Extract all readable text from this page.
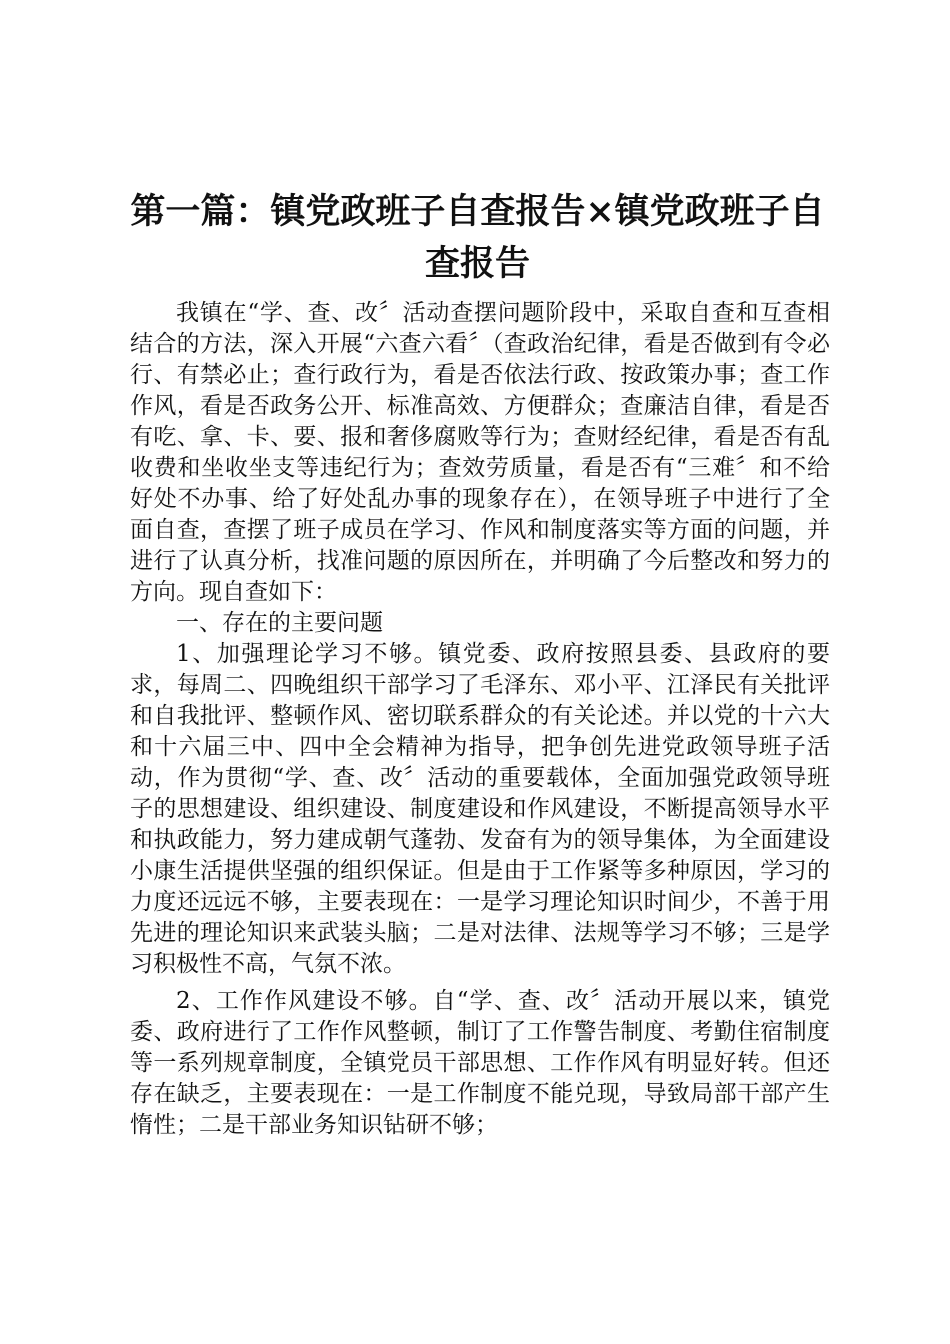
第一篇：镇党政班子自查报告×镇党政班子自查报告

我镇在“学、查、改〞活动查摆问题阶段中，采取自查和互查相结合的方法，深入开展“六查六看〞（查政治纪律，看是否做到有令必行、有禁必止；查行政行为，看是否依法行政、按政策办事；查工作作风，看是否政务公开、标准高效、方便群众；查廉洁自律，看是否有吃、拿、卡、要、报和奢侈腐败等行为；查财经纪律，看是否有乱收费和坐收坐支等违纪行为；查效劳质量，看是否有“三难〞和不给好处不办事、给了好处乱办事的现象存在），在领导班子中进行了全面自查，查摆了班子成员在学习、作风和制度落实等方面的问题，并进行了认真分析，找准问题的原因所在，并明确了今后整改和努力的方向。现自查如下：

一、存在的主要问题

1、加强理论学习不够。镇党委、政府按照县委、县政府的要求，每周二、四晚组织干部学习了毛泽东、邓小平、江泽民有关批评和自我批评、整顿作风、密切联系群众的有关论述。并以党的十六大和十六届三中、四中全会精神为指导，把争创先进党政领导班子活动，作为贯彻“学、查、改〞活动的重要载体，全面加强党政领导班子的思想建设、组织建设、制度建设和作风建设，不断提高领导水平和执政能力，努力建成朝气蓬勃、发奋有为的领导集体，为全面建设小康生活提供坚强的组织保证。但是由于工作紧等多种原因，学习的力度还远远不够，主要表现在：一是学习理论知识时间少，不善于用先进的理论知识来武装头脑；二是对法律、法规等学习不够；三是学习积极性不高，气氛不浓。

2、工作作风建设不够。自“学、查、改〞活动开展以来，镇党委、政府进行了工作作风整顿，制订了工作警告制度、考勤住宿制度等一系列规章制度，全镇党员干部思想、工作作风有明显好转。但还存在缺乏，主要表现在：一是工作制度不能兑现，导致局部干部产生惰性；二是干部业务知识钻研不够；
